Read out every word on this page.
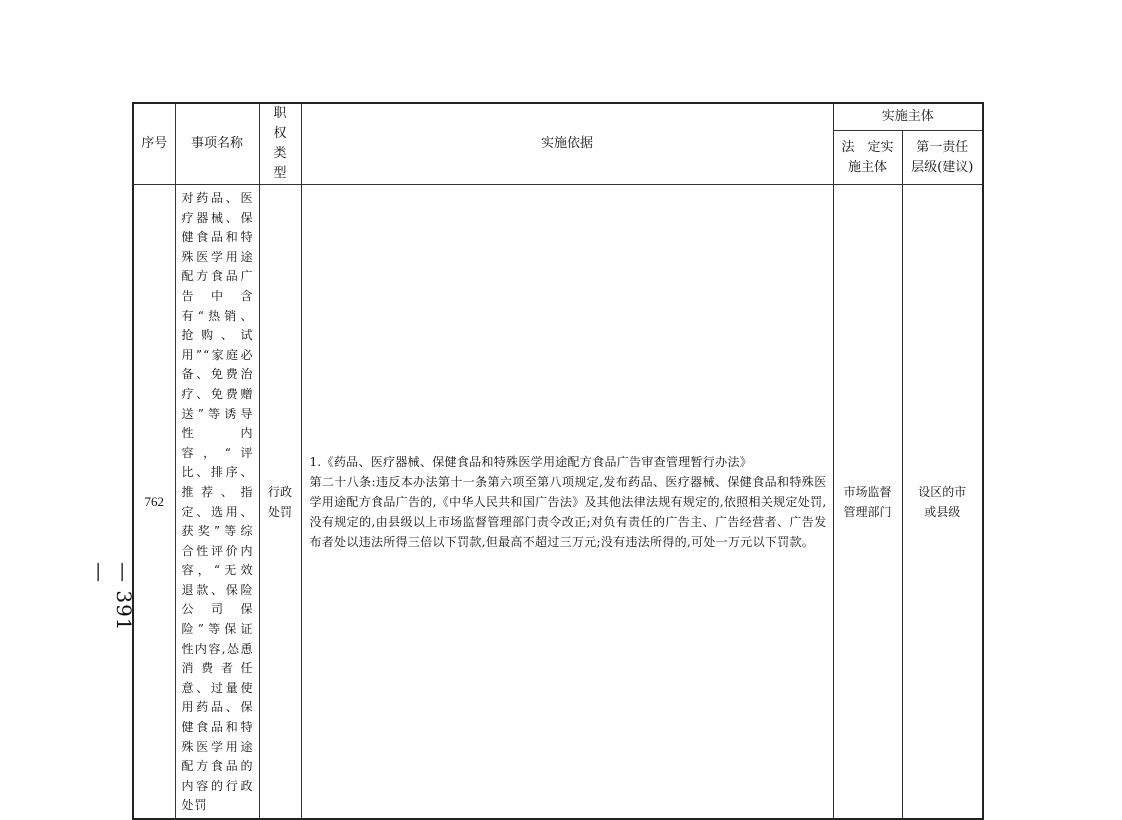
— 391 —
序号	事项名称	职权类型	实施依据	实施主体	
				法　定实施主体	第一责任层级(建议)
762	对药品、医疗器械、保健食品和特殊医学用途配方食品广告中含有“热销、抢购、试用”“家庭必备、免费治疗、免费赠送”等诱导性内容，“评比、排序、推荐、指定、选用、获奖”等综合性评价内容，“无效退款、保险公司保险”等保证性内容,怂恿消费者任意、过量使用药品、保健食品和特殊医学用途配方食品的内容的行政处罚	行政处罚	1.《药品、医疗器械、保健食品和特殊医学用途配方食品广告审查管理暂行办法》
第二十八条:违反本办法第十一条第六项至第八项规定,发布药品、医疗器械、保健食品和特殊医学用途配方食品广告的,《中华人民共和国广告法》及其他法律法规有规定的,依照相关规定处罚,没有规定的,由县级以上市场监督管理部门责令改正;对负有责任的广告主、广告经营者、广告发布者处以违法所得三倍以下罚款,但最高不超过三万元;没有违法所得的,可处一万元以下罚款。	市场监督管理部门	设区的市或县级
